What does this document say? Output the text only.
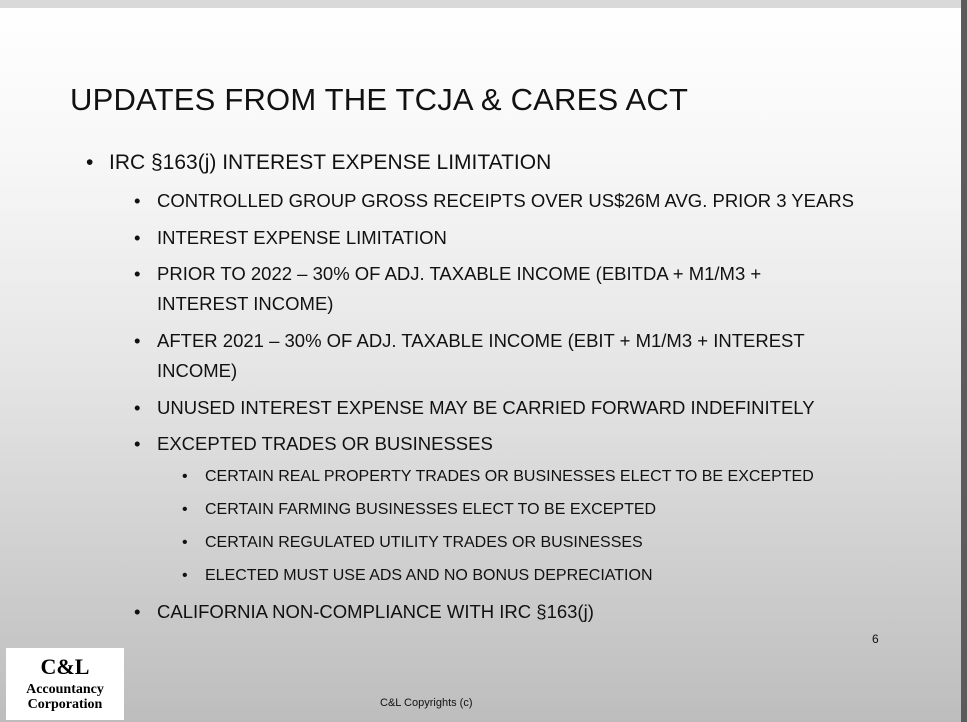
UPDATES FROM THE TCJA & CARES ACT
• IRC §163(j) INTEREST EXPENSE LIMITATION
• CONTROLLED GROUP GROSS RECEIPTS OVER US$26M AVG. PRIOR 3 YEARS
• INTEREST EXPENSE LIMITATION
• PRIOR TO 2022 – 30% OF ADJ. TAXABLE INCOME (EBITDA + M1/M3 +
INTEREST INCOME)
• AFTER 2021 – 30% OF ADJ. TAXABLE INCOME (EBIT + M1/M3 + INTEREST
INCOME)
• UNUSED INTEREST EXPENSE MAY BE CARRIED FORWARD INDEFINITELY
• EXCEPTED TRADES OR BUSINESSES
• CERTAIN REAL PROPERTY TRADES OR BUSINESSES ELECT TO BE EXCEPTED
• CERTAIN FARMING BUSINESSES ELECT TO BE EXCEPTED
• CERTAIN REGULATED UTILITY TRADES OR BUSINESSES
• ELECTED MUST USE ADS AND NO BONUS DEPRECIATION
• CALIFORNIA NON-COMPLIANCE WITH IRC §163(j)
6
C&L Copyrights (c)
C&L
Accountancy
Corporation
